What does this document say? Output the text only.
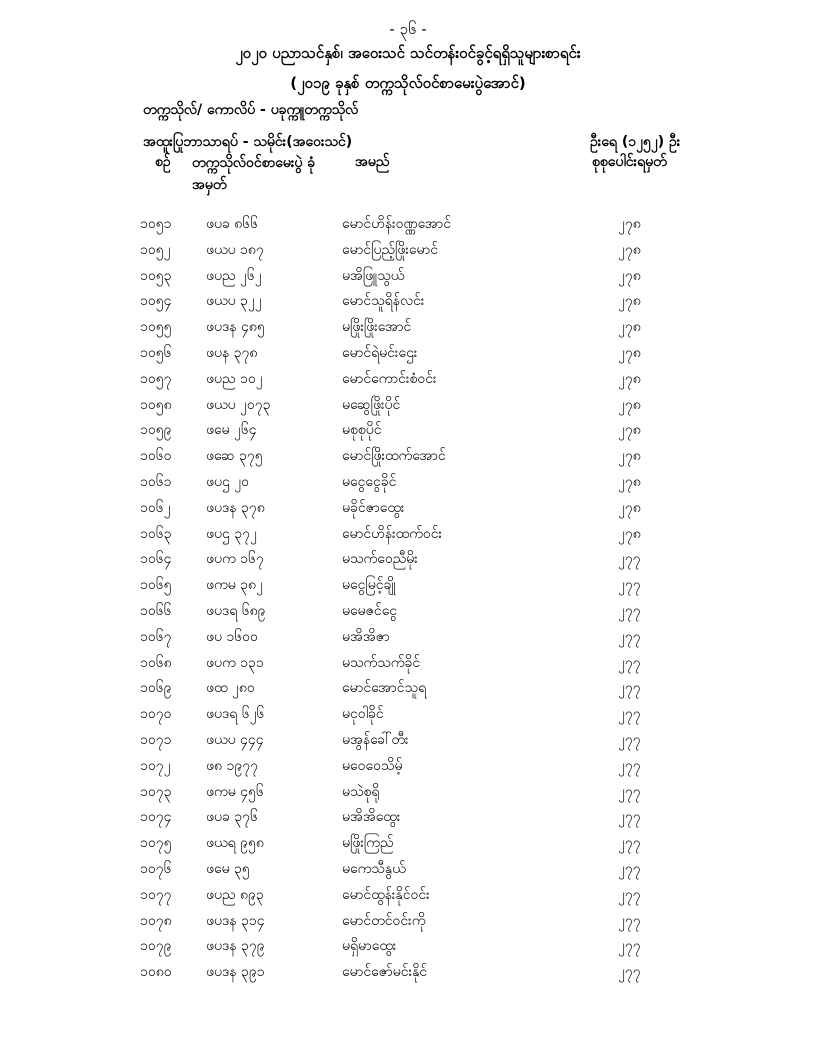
- ၃၆ -
၂၀၂၀ ပညာသင်နှစ်၊ အဝေးသင် သင်တန်းဝင်ခွင့်ရရှိသူများစာရင်း
(၂၀၁၉ ခုနှစ် တက္ကသိုလ်ဝင်စာမေးပွဲအောင်)
တက္ကသိုလ်/ ကောလိပ် - ပခုက္ကူတက္ကသိုလ်
အထူးပြုဘာသာရပ် - သမိုင်း(အဝေးသင်)	ဦးရေ (၁၂၅၂) ဦး
စဉ် တက္ကသိုလ်ဝင်စာမေးပွဲ ခုံအမှတ်
အမည်	စုစုပေါင်းရမှတ်
၁၀၅၁ ဖပခ ၈၆၆	မောင်ဟိန်းဝဏ္ဏအောင်	၂၇၈
၁၀၅၂	ဖယပ ၁၈၇	မောင်ပြည့်ဖြိုးမောင်	၂၇၈
၁၀၅၃ ဖပည ၂၆၂	မအိဖြူသွယ်	၂၇၈
၁၀၅၄ ဖယပ ၃၂၂	မောင်သူရိန်လင်း	၂၇၈
၁၀၅၅ ဖပဒန ၄၈၅	မဖြိုးဖြိုးအောင်	၂၇၈
၁၀၅၆ ဖပန ၃၇၈	မောင်ရဲမင်းဌေး	၂၇၈
၁၀၅၇ ဖပည ၁၀၂	မောင်ကောင်းစံဝင်း	၂၇၈
၁၀၅၈ ဖယပ ၂၀၇၃	မဆွေဖြိုးပိုင်	၂၇၈
၁၀၅၉ ဖမေ ၂၆၄	မစုစုပိုင်	၂၇၈
၁၀၆၀ ဖဆေ ၃၇၅	မောင်ဖြိုးထက်အောင်	၂၇၈
၁၀၆၁ ဖပဌ ၂၀	မငွေငွေခိုင်	၂၇၈
၁၀၆၂	ဖပဒန ၃၇၈	မခိုင်ဇာထွေး	၂၇၈
၁၀၆၃ ဖပဌ ၃၇၂	မောင်ဟိန်းထက်ဝင်း	၂၇၈
၁၀၆၄ ဖပက ၁၆၇	မသက်ဝေညီမိုး	၂၇၇
၁၀၆၅ ဖကမ ၃၈၂	မငွေမြင့်ချို	၂၇၇
၁၀၆၆ ဖပဒရ ၆၈၉	မမေဇင်ငွေ	၂၇၇
၁၀၆၇ ဖပ ၁၆၀၀	မအိအိဇာ	၂၇၇
၁၀၆၈ ဖပက ၁၃၁	မသက်သက်ခိုင်	၂၇၇
၁၀၆၉ ဖထ ၂၈၀	မောင်အောင်သူရ	၂၇၇
၁၀၇၀ ဖပဒရ ၆၂၆	မငုဝါခိုင်	၂၇၇
၁၀၇၁ ဖယပ ၄၄၄	မအွန်ခေါ်တီး	၂၇၇
၁၀၇၂	ဖ၈ ၁၉၇၇	မဝေဝေသိမ့်	၂၇၇
၁၀၇၃ ဖကမ ၄၅၆	မသဲစုရို	၂၇၇
၁၀၇၄ ဖပခ ၃၇၆	မအိအိထွေး	၂၇၇
၁၀၇၅ ဖယရ ၉၅၈	မဖြိုးကြည်	၂၇၇
၁၀၇၆ ဖမေ ၃၅	မကေသီနွယ်	၂၇၇
၁၀၇၇ ဖပည ၈၉၃	မောင်ထွန်းနိုင်ဝင်း	၂၇၇
၁၀၇၈ ဖပဒန ၃၁၄	မောင်တင်ဝင်းကို	၂၇၇
၁၀၇၉ ဖပဒန ၃၇၉	မရှိမာထွေး	၂၇၇
၁၀၈၀ ဖပဒန ၃၉၁	မောင်ဇော်မင်းနိုင်	၂၇၇
